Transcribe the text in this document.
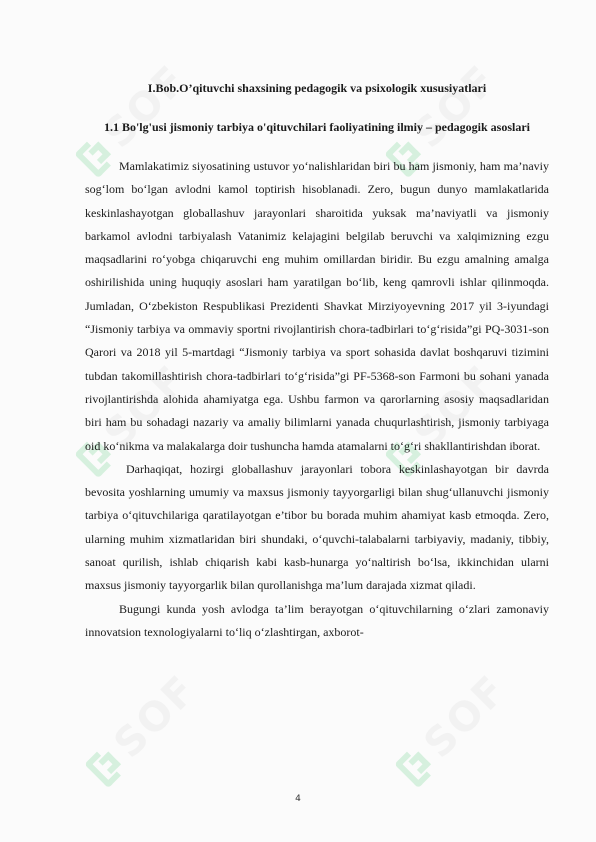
SOF	SOF
SOF	SOF
SOF	SOF
I.Bob.O’qituvchi shaxsining pedagogik va psixologik xususiyatlari
1.1 Bo'lg'usi jismoniy tarbiya o'qituvchilari faoliyatining ilmiy – pedagogik asoslari

Mamlakatimiz siyosatining ustuvor yo‘nalishlaridan biri bu ham jismoniy, ham ma’naviy sog‘lom bo‘lgan avlodni kamol toptirish hisoblanadi. Zero, bugun dunyo mamlakatlarida keskinlashayotgan globallashuv jarayonlari sharoitida yuksak ma’naviyatli va jismoniy barkamol avlodni tarbiyalash Vatanimiz kelajagini belgilab beruvchi va xalqimizning ezgu maqsadlarini ro‘yobga chiqaruvchi eng muhim omillardan biridir. Bu ezgu amalning amalga oshirilishida uning huquqiy asoslari ham yaratilgan bo‘lib, keng qamrovli ishlar qilinmoqda. Jumladan, O‘zbekiston Respublikasi Prezidenti Shavkat Mirziyoyevning 2017 yil 3-iyundagi “Jismoniy tarbiya va ommaviy sportni rivojlantirish chora-tadbirlari to‘g‘risida”gi PQ-3031-son Qarori va 2018 yil 5-martdagi “Jismoniy tarbiya va sport sohasida davlat boshqaruvi tizimini tubdan takomillashtirish chora-tadbirlari to‘g‘risida”gi PF-5368-son Farmoni bu sohani yanada rivojlantirishda alohida ahamiyatga ega. Ushbu farmon va qarorlarning asosiy maqsadlaridan biri ham bu sohadagi nazariy va amaliy bilimlarni yanada chuqurlashtirish, jismoniy tarbiyaga oid ko‘nikma va malakalarga doir tushuncha hamda atamalarni to‘g‘ri shakllantirishdan iborat.

Darhaqiqat, hozirgi globallashuv jarayonlari tobora keskinlashayotgan bir davrda bevosita yoshlarning umumiy va maxsus jismoniy tayyorgarligi bilan shug‘ullanuvchi jismoniy tarbiya o‘qituvchilariga qaratilayotgan e’tibor bu borada muhim ahamiyat kasb etmoqda. Zero, ularning muhim xizmatlaridan biri shundaki, o‘quvchi-talabalarni tarbiyaviy, madaniy, tibbiy, sanoat qurilish, ishlab chiqarish kabi kasb-hunarga yo‘naltirish bo‘lsa, ikkinchidan ularni maxsus jismoniy tayyorgarlik bilan qurollanishga ma’lum darajada xizmat qiladi.

Bugungi kunda yosh avlodga ta’lim berayotgan o‘qituvchilarning o‘zlari zamonaviy innovatsion texnologiyalarni to‘liq o‘zlashtirgan, axborot-

4
